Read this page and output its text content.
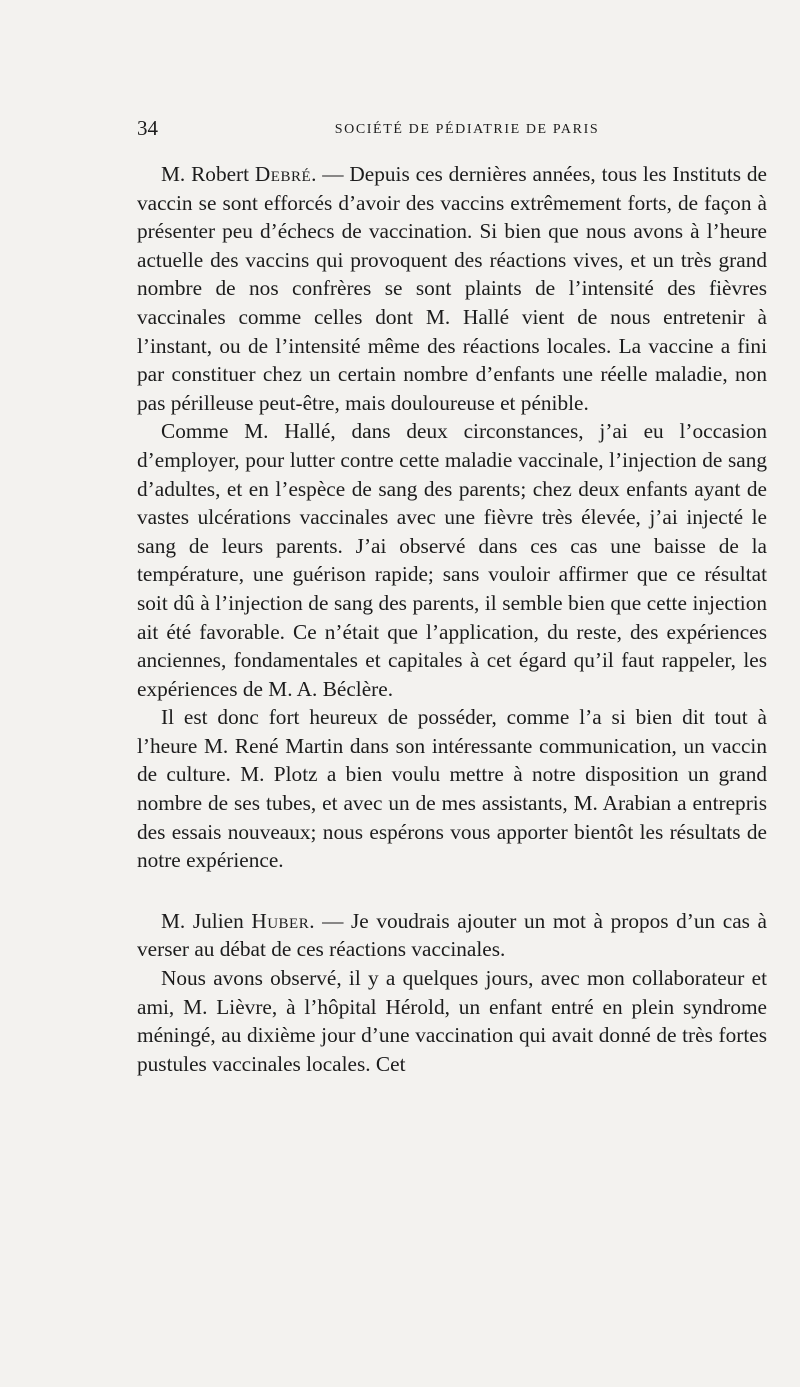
34	SOCIÉTÉ DE PÉDIATRIE DE PARIS

M. Robert Debré. — Depuis ces dernières années, tous les Instituts de vaccin se sont efforcés d’avoir des vaccins extrêmement forts, de façon à présenter peu d’échecs de vaccination. Si bien que nous avons à l’heure actuelle des vaccins qui provoquent des réactions vives, et un très grand nombre de nos confrères se sont plaints de l’intensité des fièvres vaccinales comme celles dont M. Hallé vient de nous entretenir à l’instant, ou de l’intensité même des réactions locales. La vaccine a fini par constituer chez un certain nombre d’enfants une réelle maladie, non pas périlleuse peut-être, mais douloureuse et pénible.

Comme M. Hallé, dans deux circonstances, j’ai eu l’occasion d’employer, pour lutter contre cette maladie vaccinale, l’injection de sang d’adultes, et en l’espèce de sang des parents; chez deux enfants ayant de vastes ulcérations vaccinales avec une fièvre très élevée, j’ai injecté le sang de leurs parents. J’ai observé dans ces cas une baisse de la température, une guérison rapide; sans vouloir affirmer que ce résultat soit dû à l’injection de sang des parents, il semble bien que cette injection ait été favorable. Ce n’était que l’application, du reste, des expériences anciennes, fondamentales et capitales à cet égard qu’il faut rappeler, les expériences de M. A. Béclère.

Il est donc fort heureux de posséder, comme l’a si bien dit tout à l’heure M. René Martin dans son intéressante communication, un vaccin de culture. M. Plotz a bien voulu mettre à notre disposition un grand nombre de ses tubes, et avec un de mes assistants, M. Arabian a entrepris des essais nouveaux; nous espérons vous apporter bientôt les résultats de notre expérience.

M. Julien Huber. — Je voudrais ajouter un mot à propos d’un cas à verser au débat de ces réactions vaccinales.

Nous avons observé, il y a quelques jours, avec mon collaborateur et ami, M. Lièvre, à l’hôpital Hérold, un enfant entré en plein syndrome méningé, au dixième jour d’une vaccination qui avait donné de très fortes pustules vaccinales locales. Cet
